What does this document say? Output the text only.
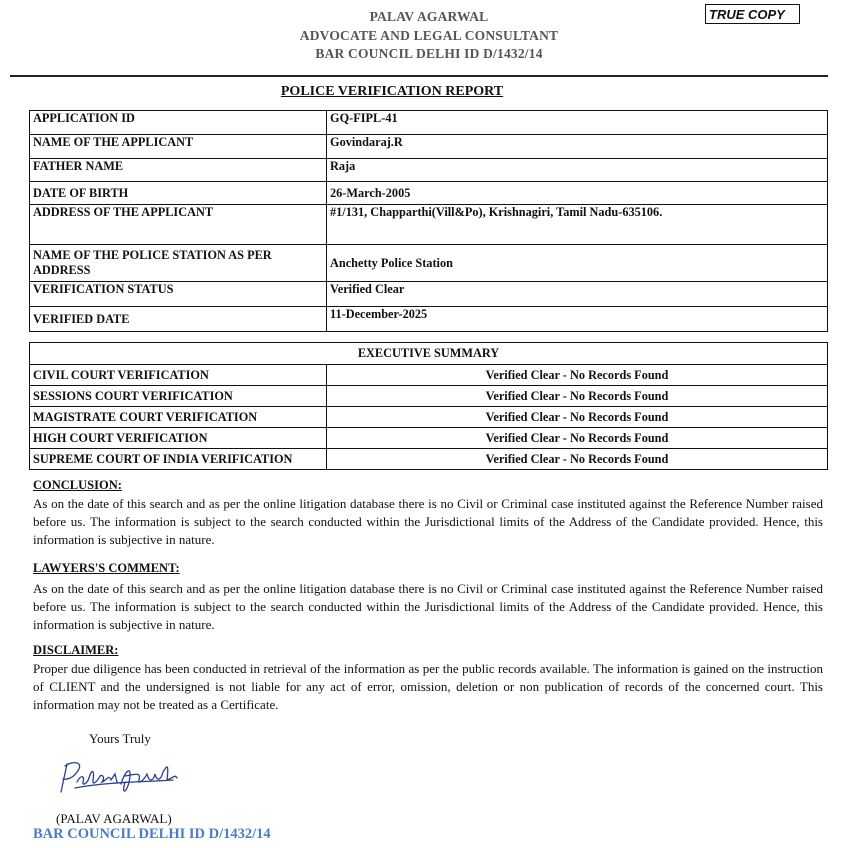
PALAV AGARWAL
ADVOCATE AND LEGAL CONSULTANT
BAR COUNCIL DELHI ID D/1432/14
TRUE COPY
POLICE VERIFICATION REPORT
APPLICATION ID	GQ-FIPL-41
NAME OF THE APPLICANT	Govindaraj.R
FATHER NAME	Raja
DATE OF BIRTH	26-March-2005
ADDRESS OF THE APPLICANT	#1/131, Chapparthi(Vill&Po), Krishnagiri, Tamil Nadu-635106.
NAME OF THE POLICE STATION AS PER ADDRESS	Anchetty Police Station
VERIFICATION STATUS	Verified Clear
VERIFIED DATE	11-December-2025
EXECUTIVE SUMMARY	
CIVIL COURT VERIFICATION	Verified Clear - No Records Found
SESSIONS COURT VERIFICATION	Verified Clear - No Records Found
MAGISTRATE COURT VERIFICATION	Verified Clear - No Records Found
HIGH COURT VERIFICATION	Verified Clear - No Records Found
SUPREME COURT OF INDIA VERIFICATION	Verified Clear - No Records Found
CONCLUSION:
As on the date of this search and as per the online litigation database there is no Civil or Criminal case instituted against the Reference Number raised before us. The information is subject to the search conducted within the Jurisdictional limits of the Address of the Candidate provided. Hence, this information is subjective in nature.
LAWYERS'S COMMENT:
As on the date of this search and as per the online litigation database there is no Civil or Criminal case instituted against the Reference Number raised before us. The information is subject to the search conducted within the Jurisdictional limits of the Address of the Candidate provided. Hence, this information is subjective in nature.
DISCLAIMER:
Proper due diligence has been conducted in retrieval of the information as per the public records available. The information is gained on the instruction of CLIENT and the undersigned is not liable for any act of error, omission, deletion or non publication of records of the concerned court. This information may not be treated as a Certificate.
Yours Truly
(PALAV AGARWAL)
BAR COUNCIL DELHI ID D/1432/14
